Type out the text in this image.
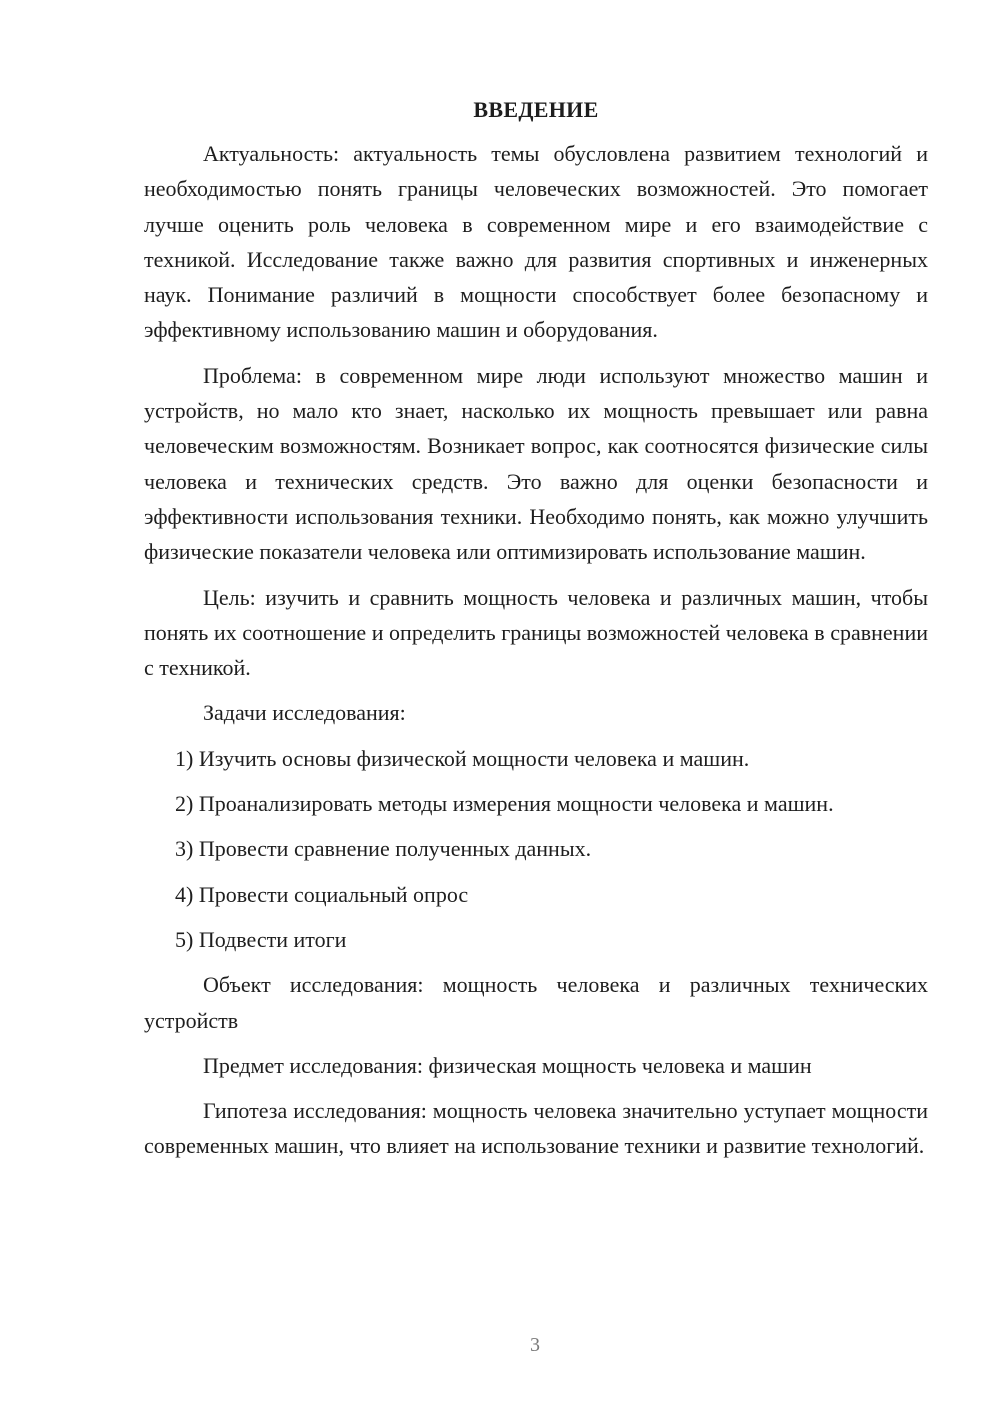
ВВЕДЕНИЕ

Актуальность: актуальность темы обусловлена развитием технологий и необходимостью понять границы человеческих возможностей. Это помогает лучше оценить роль человека в современном мире и его взаимодействие с техникой. Исследование также важно для развития спортивных и инженерных наук. Понимание различий в мощности способствует более безопасному и эффективному использованию машин и оборудования.

Проблема: в современном мире люди используют множество машин и устройств, но мало кто знает, насколько их мощность превышает или равна человеческим возможностям. Возникает вопрос, как соотносятся физические силы человека и технических средств. Это важно для оценки безопасности и эффективности использования техники. Необходимо понять, как можно улучшить физические показатели человека или оптимизировать использование машин.

Цель: изучить и сравнить мощность человека и различных машин, чтобы понять их соотношение и определить границы возможностей человека в сравнении с техникой.

Задачи исследования:

1) Изучить основы физической мощности человека и машин.

2) Проанализировать методы измерения мощности человека и машин.

3) Провести сравнение полученных данных.

4) Провести социальный опрос

5) Подвести итоги

Объект исследования: мощность человека и различных технических устройств

Предмет исследования: физическая мощность человека и машин

Гипотеза исследования: мощность человека значительно уступает мощности современных машин, что влияет на использование техники и развитие технологий.

3
